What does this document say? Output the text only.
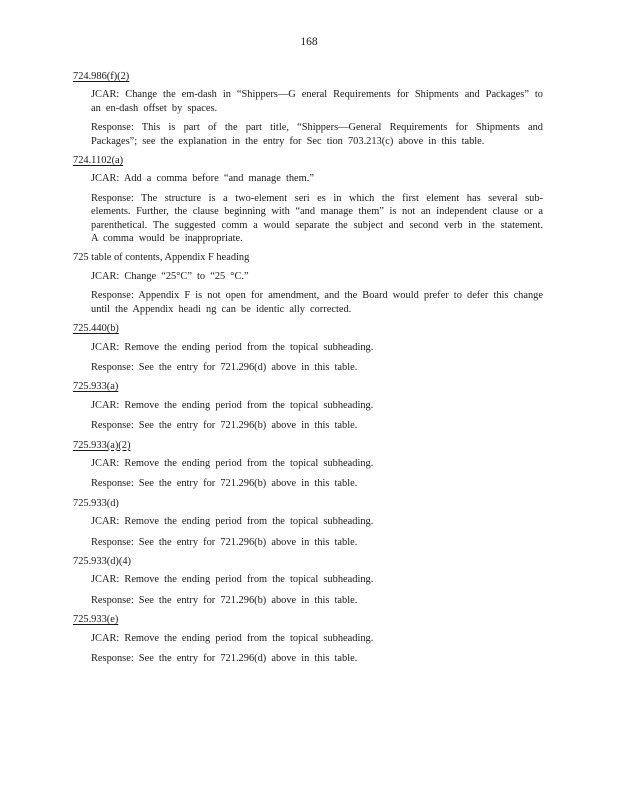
168
724.986(f)(2)
JCAR: Change the em-dash in “Shippers—G eneral Requirements for Shipments and Packages” to an en-dash offset by spaces.
Response: This is part of the part title, “Shippers—General Requirements for Shipments and Packages”; see the explanation in the entry for Sec tion 703.213(c) above in this table.
724.1102(a)
JCAR: Add a comma before “and manage them.”
Response: The structure is a two-element seri es in which the first element has several sub-elements. Further, the clause beginning with “and manage them” is not an independent clause or a parenthetical. The suggested comm a would separate the subject and second verb in the statement. A comma would be inappropriate.
725 table of contents, Appendix F heading
JCAR: Change “25°C” to “25 °C.”
Response: Appendix F is not open for amendment, and the Board would prefer to defer this change until the Appendix headi ng can be identic ally corrected.
725.440(b)
JCAR: Remove the ending period from the topical subheading.
Response: See the entry for 721.296(d) above in this table.
725.933(a)
JCAR: Remove the ending period from the topical subheading.
Response: See the entry for 721.296(b) above in this table.
725.933(a)(2)
JCAR: Remove the ending period from the topical subheading.
Response: See the entry for 721.296(b) above in this table.
725.933(d)
JCAR: Remove the ending period from the topical subheading.
Response: See the entry for 721.296(b) above in this table.
725.933(d)(4)
JCAR: Remove the ending period from the topical subheading.
Response: See the entry for 721.296(b) above in this table.
725.933(e)
JCAR: Remove the ending period from the topical subheading.
Response: See the entry for 721.296(d) above in this table.
